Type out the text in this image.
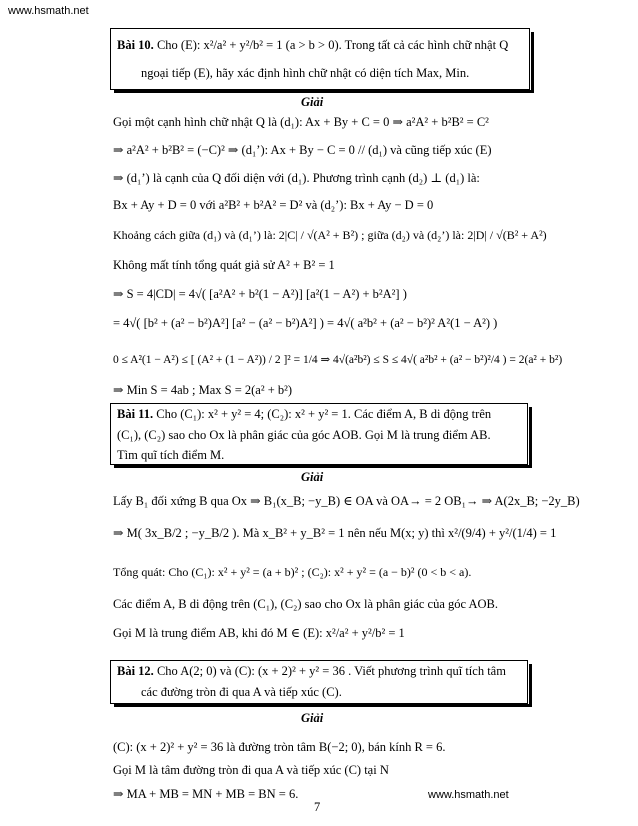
www.hsmath.net
Bài 10. Cho (E): x²/a² + y²/b² = 1 (a > b > 0). Trong tất cả các hình chữ nhật Q
ngoại tiếp (E), hãy xác định hình chữ nhật có diện tích Max, Min.
Giải
Gọi một cạnh hình chữ nhật Q là (d₁): Ax + By + C = 0 ⇒ a²A² + b²B² = C²
⇒ a²A² + b²B² = (−C)² ⇒ (d₁’): Ax + By − C = 0 // (d₁) và cũng tiếp xúc (E)
⇒ (d₁’) là cạnh của Q đối diện với (d₁). Phương trình cạnh (d₂) ⊥ (d₁) là:
Bx + Ay + D = 0 với a²B² + b²A² = D² và (d₂’): Bx + Ay − D = 0
Khoảng cách giữa (d₁) và (d₁’) là: 2|C| / √(A² + B²) ; giữa (d₂) và (d₂’) là: 2|D| / √(B² + A²)
Không mất tính tổng quát giả sử A² + B² = 1
⇒ S = 4|CD| = 4√( [a²A² + b²(1 − A²)] [a²(1 − A²) + b²A²] )
= 4√( [b² + (a² − b²)A²] [a² − (a² − b²)A²] ) = 4√( a²b² + (a² − b²)² A²(1 − A²) )
0 ≤ A²(1 − A²) ≤ [ (A² + (1 − A²)) / 2 ]² = 1/4 ⇒ 4√(a²b²) ≤ S ≤ 4√( a²b² + (a² − b²)²/4 ) = 2(a² + b²)
⇒ Min S = 4ab ; Max S = 2(a² + b²)
Bài 11. Cho (C₁): x² + y² = 4; (C₂): x² + y² = 1. Các điểm A, B di động trên
(C₁), (C₂) sao cho Ox là phân giác của góc AOB. Gọi M là trung điểm AB.
Tìm quĩ tích điểm M.
Giải
Lấy B₁ đối xứng B qua Ox ⇒ B₁(x_B; −y_B) ∈ OA và OA→ = 2 OB₁→ ⇒ A(2x_B; −2y_B)
⇒ M( 3x_B/2 ; −y_B/2 ). Mà x_B² + y_B² = 1 nên nếu M(x; y) thì x²/(9/4) + y²/(1/4) = 1
Tổng quát: Cho (C₁): x² + y² = (a + b)² ; (C₂): x² + y² = (a − b)² (0 < b < a).
Các điểm A, B di động trên (C₁), (C₂) sao cho Ox là phân giác của góc AOB.
Gọi M là trung điểm AB, khi đó M ∈ (E): x²/a² + y²/b² = 1
Bài 12. Cho A(2; 0) và (C): (x + 2)² + y² = 36 . Viết phương trình quĩ tích tâm
các đường tròn đi qua A và tiếp xúc (C).
Giải
(C): (x + 2)² + y² = 36 là đường tròn tâm B(−2; 0), bán kính R = 6.
Gọi M là tâm đường tròn đi qua A và tiếp xúc (C) tại N
⇒ MA + MB = MN + MB = BN = 6.
7
www.hsmath.net
